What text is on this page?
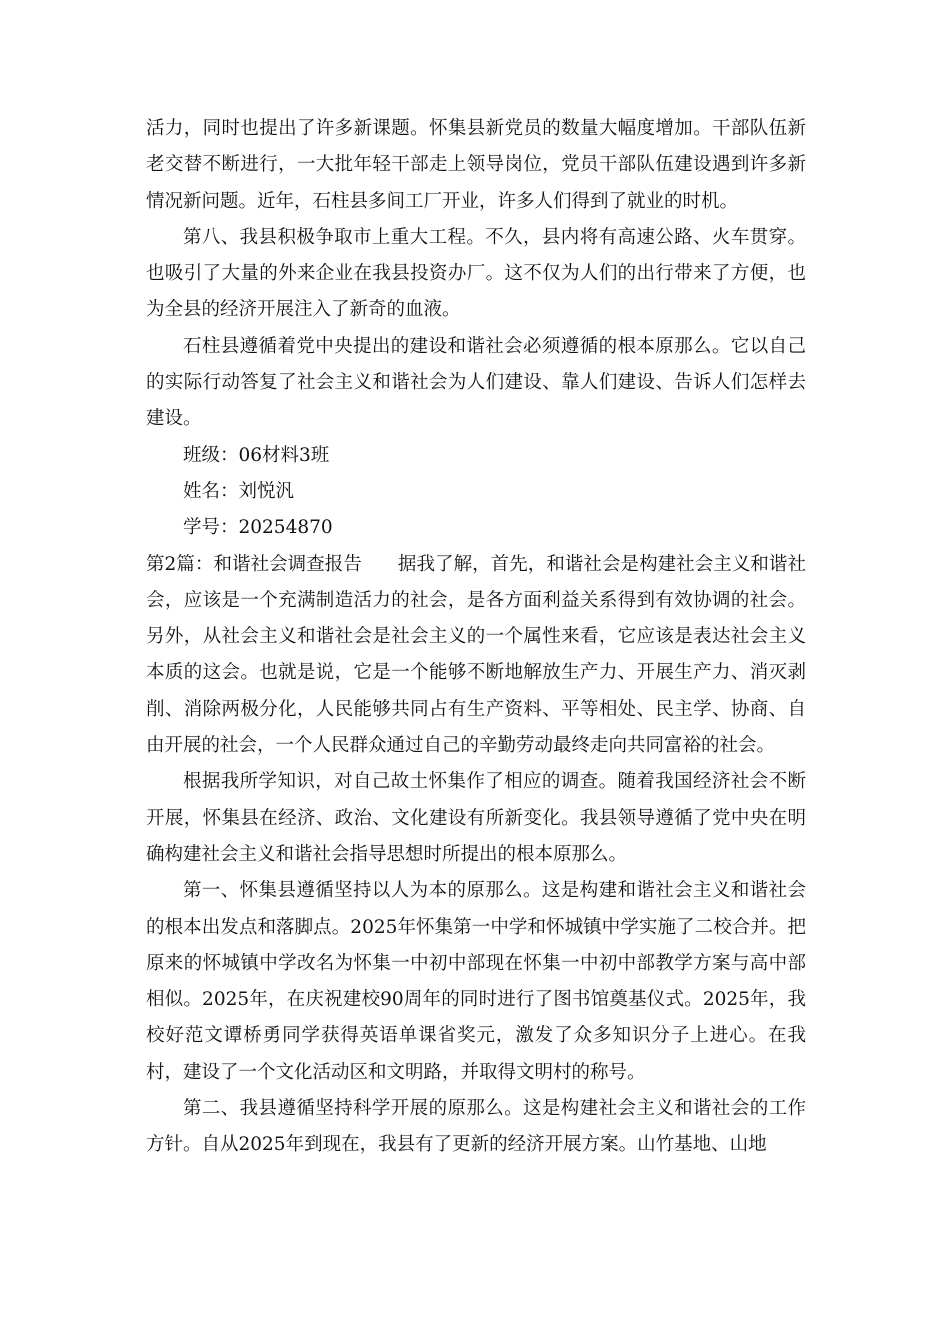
活力，同时也提出了许多新课题。怀集县新党员的数量大幅度增加。干部队伍新老交替不断进行，一大批年轻干部走上领导岗位，党员干部队伍建设遇到许多新情况新问题。近年，石柱县多间工厂开业，许多人们得到了就业的时机。

第八、我县积极争取市上重大工程。不久，县内将有高速公路、火车贯穿。也吸引了大量的外来企业在我县投资办厂。这不仅为人们的出行带来了方便，也为全县的经济开展注入了新奇的血液。

石柱县遵循着党中央提出的建设和谐社会必须遵循的根本原那么。它以自己的实际行动答复了社会主义和谐社会为人们建设、靠人们建设、告诉人们怎样去建设。

班级：06材料3班

姓名：刘悦汎

学号：20254870

第2篇：和谐社会调查报告 据我了解，首先，和谐社会是构建社会主义和谐社会，应该是一个充满制造活力的社会，是各方面利益关系得到有效协调的社会。另外，从社会主义和谐社会是社会主义的一个属性来看，它应该是表达社会主义本质的这会。也就是说，它是一个能够不断地解放生产力、开展生产力、消灭剥削、消除两极分化，人民能够共同占有生产资料、平等相处、民主学、协商、自由开展的社会，一个人民群众通过自己的辛勤劳动最终走向共同富裕的社会。

根据我所学知识，对自己故土怀集作了相应的调查。随着我国经济社会不断开展，怀集县在经济、政治、文化建设有所新变化。我县领导遵循了党中央在明确构建社会主义和谐社会指导思想时所提出的根本原那么。

第一、怀集县遵循坚持以人为本的原那么。这是构建和谐社会主义和谐社会的根本出发点和落脚点。2025年怀集第一中学和怀城镇中学实施了二校合并。把原来的怀城镇中学改名为怀集一中初中部现在怀集一中初中部教学方案与高中部相似。2025年，在庆祝建校90周年的同时进行了图书馆奠基仪式。2025年，我校好范文谭桥勇同学获得英语单课省奖元，激发了众多知识分子上进心。在我村，建设了一个文化活动区和文明路，并取得文明村的称号。

第二、我县遵循坚持科学开展的原那么。这是构建社会主义和谐社会的工作方针。自从2025年到现在，我县有了更新的经济开展方案。山竹基地、山地
